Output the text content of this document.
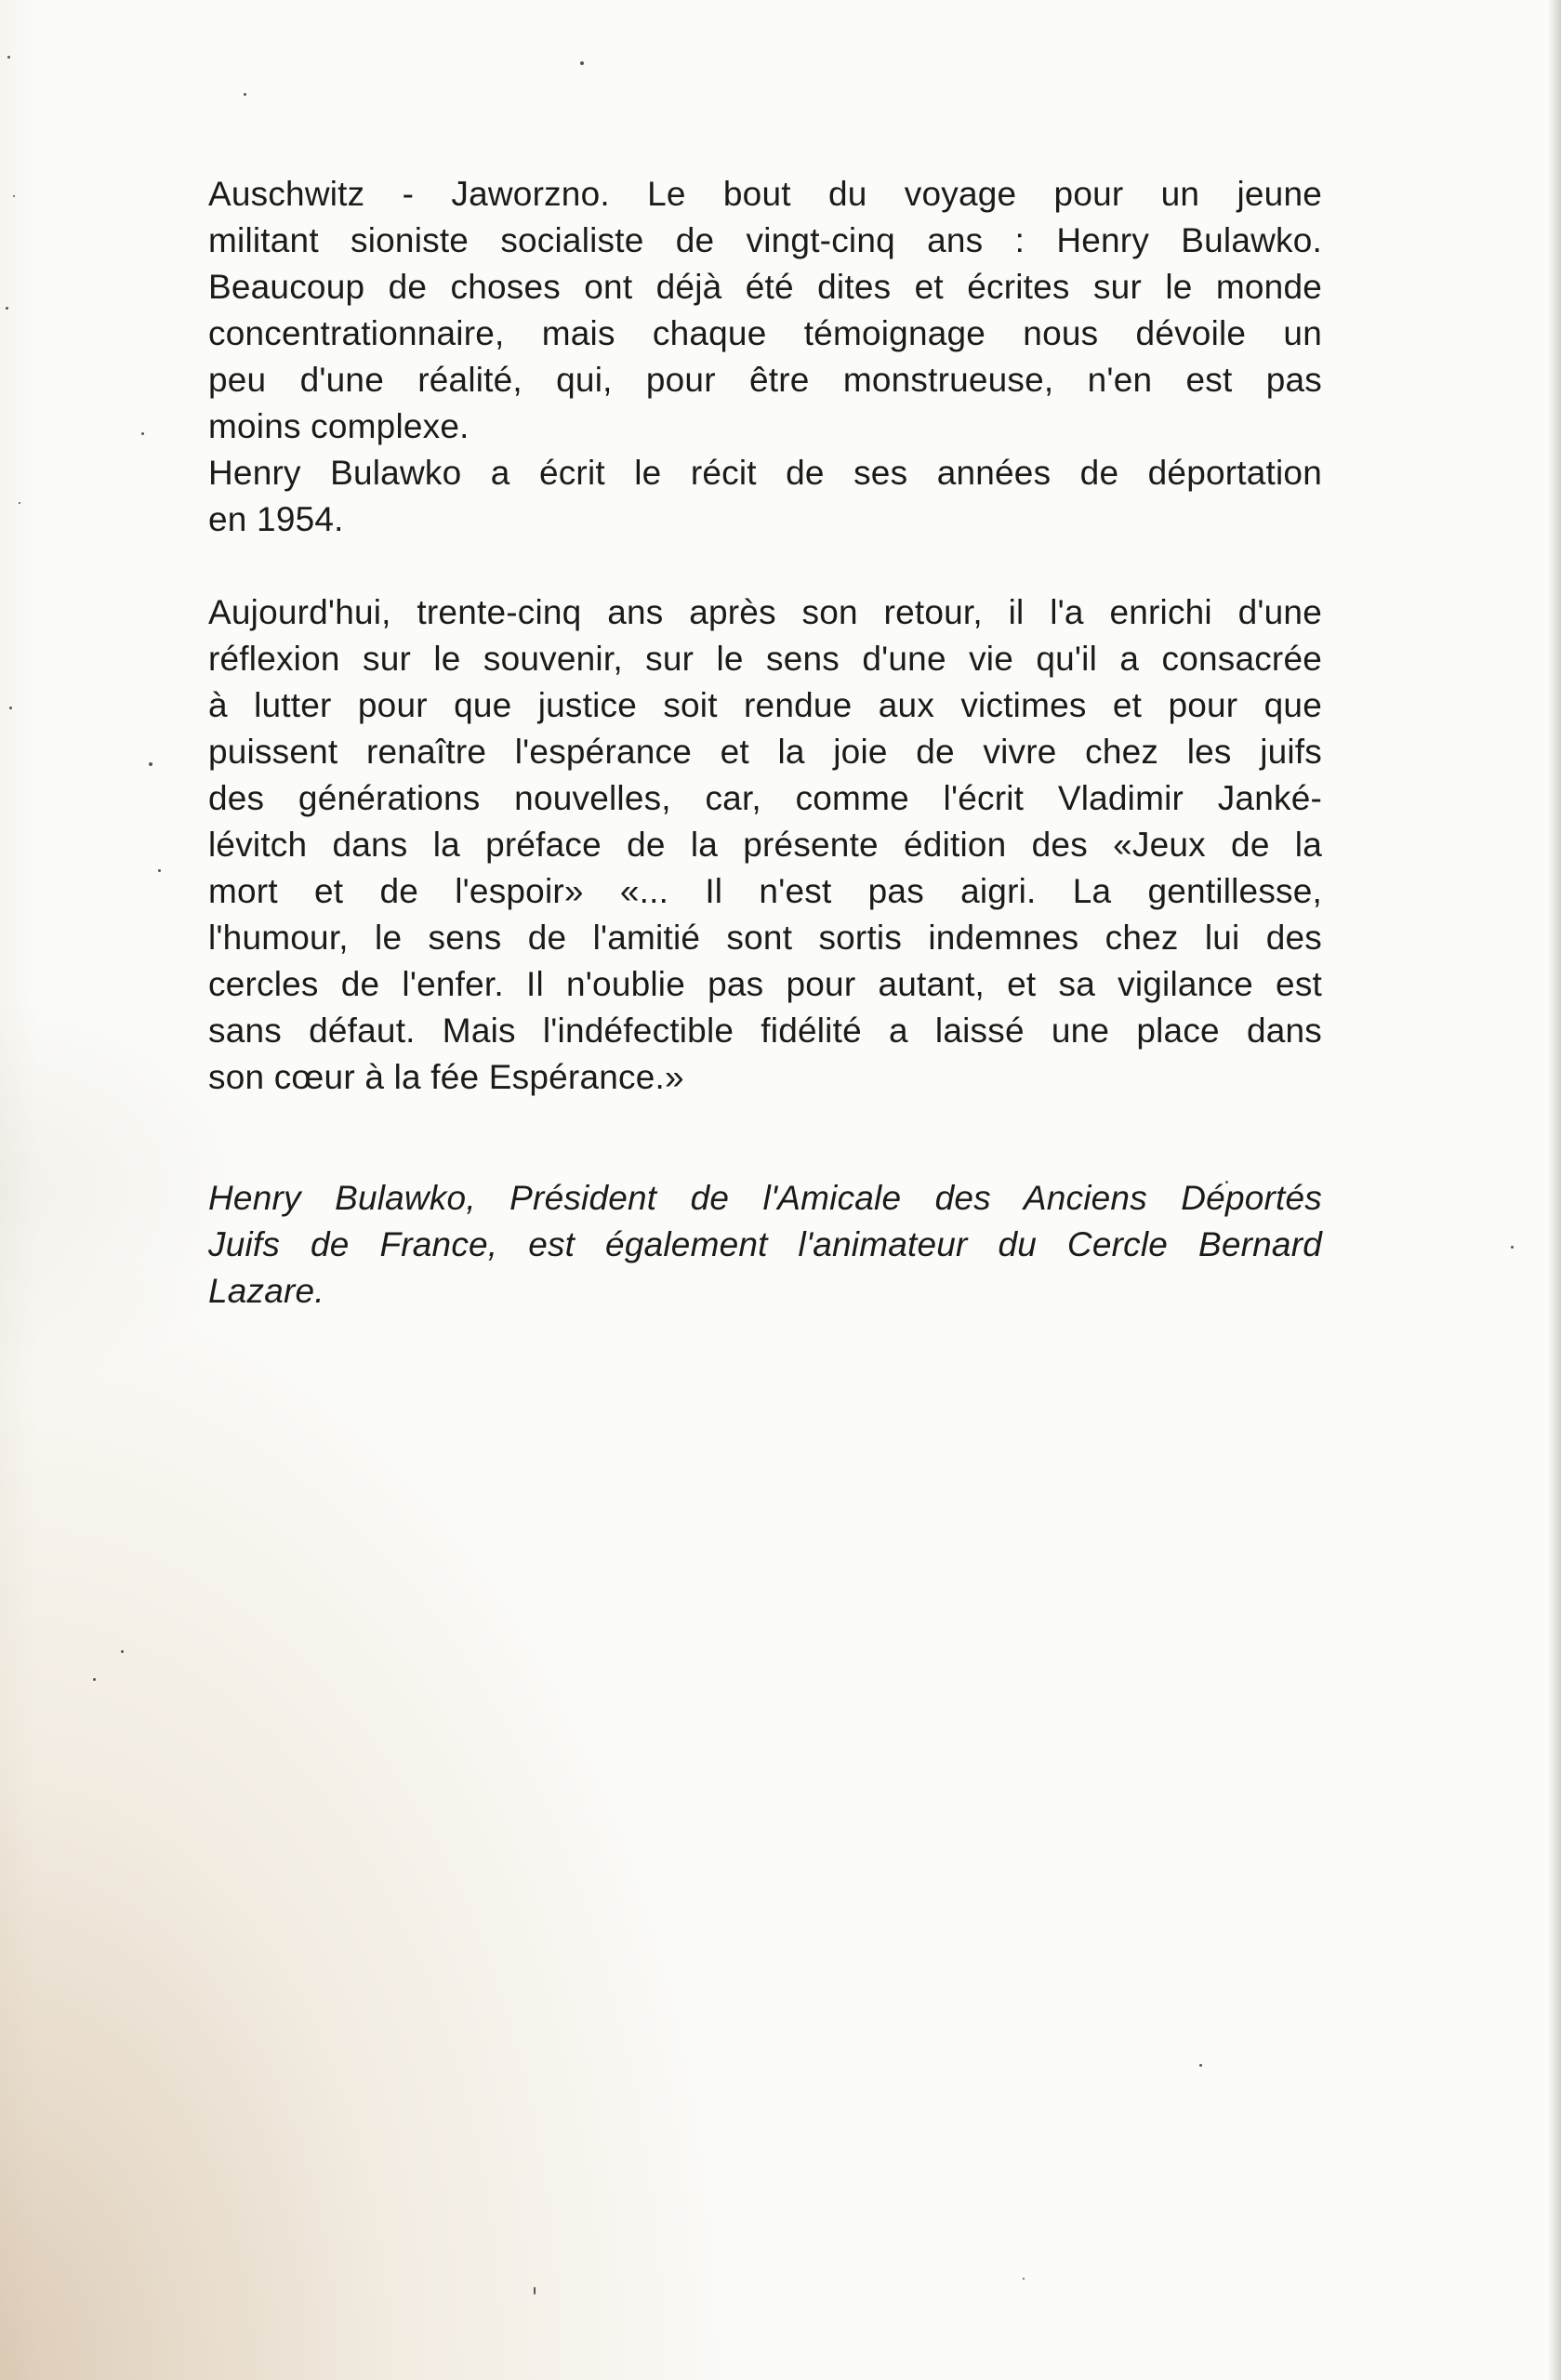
Auschwitz - Jaworzno. Le bout du voyage pour un jeune
militant sioniste socialiste de vingt-cinq ans : Henry Bulawko.
Beaucoup de choses ont déjà été dites et écrites sur le monde
concentrationnaire, mais chaque témoignage nous dévoile un
peu d'une réalité, qui, pour être monstrueuse, n'en est pas
moins complexe.
Henry Bulawko a écrit le récit de ses années de déportation
en 1954.
Aujourd'hui, trente-cinq ans après son retour, il l'a enrichi d'une
réflexion sur le souvenir, sur le sens d'une vie qu'il a consacrée
à lutter pour que justice soit rendue aux victimes et pour que
puissent renaître l'espérance et la joie de vivre chez les juifs
des générations nouvelles, car, comme l'écrit Vladimir Janké-
lévitch dans la préface de la présente édition des «Jeux de la
mort et de l'espoir» «... Il n'est pas aigri. La gentillesse,
l'humour, le sens de l'amitié sont sortis indemnes chez lui des
cercles de l'enfer. Il n'oublie pas pour autant, et sa vigilance est
sans défaut. Mais l'indéfectible fidélité a laissé une place dans
son cœur à la fée Espérance.»
Henry Bulawko, Président de l'Amicale des Anciens Déportés
Juifs de France, est également l'animateur du Cercle Bernard
Lazare.
